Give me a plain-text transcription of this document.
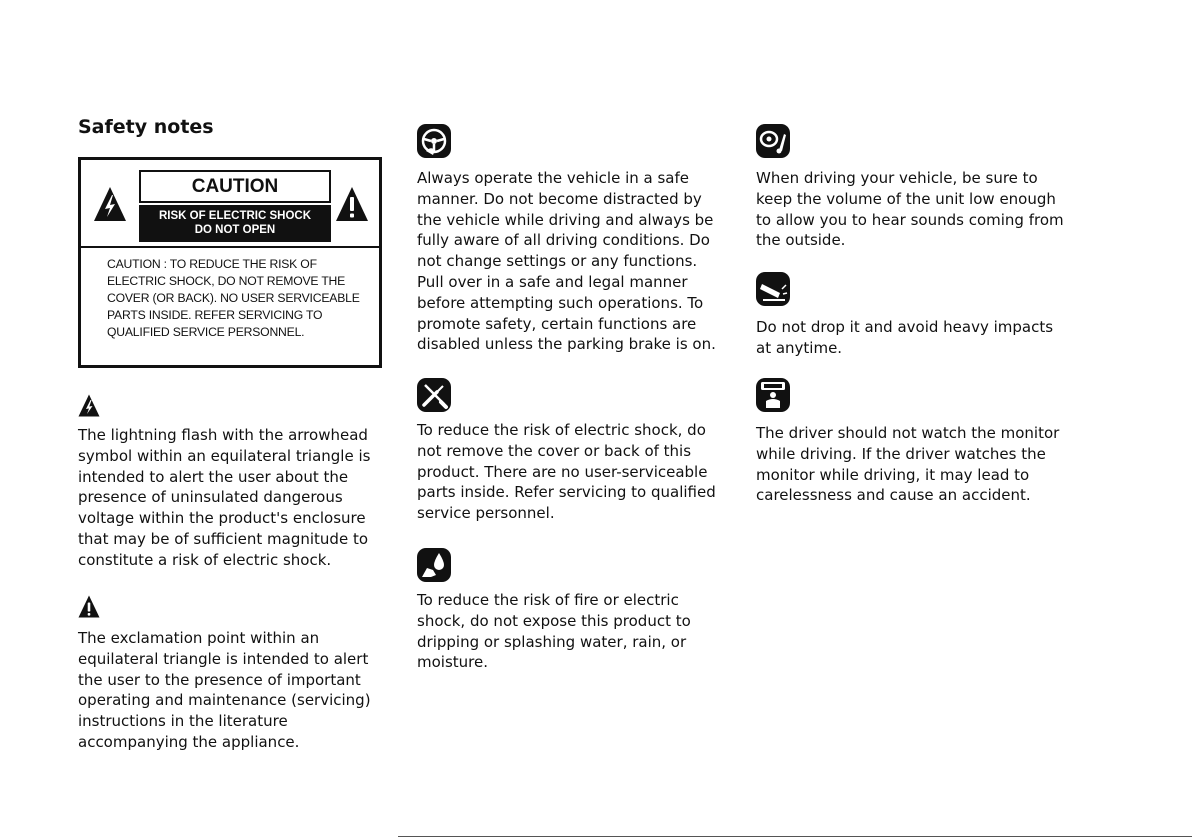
Safety notes
CAUTION
RISK OF ELECTRIC SHOCK
DO NOT OPEN

CAUTION : TO REDUCE THE RISK OF ELECTRIC SHOCK, DO NOT REMOVE THE COVER (OR BACK). NO USER SERVICEABLE PARTS INSIDE. REFER SERVICING TO QUALIFIED SERVICE PERSONNEL.

The lightning flash with the arrowhead symbol within an equilateral triangle is intended to alert the user about the presence of uninsulated dangerous voltage within the product's enclosure that may be of sufficient magnitude to constitute a risk of electric shock.

The exclamation point within an equilateral triangle is intended to alert the user to the presence of important operating and maintenance (servicing) instructions in the literature accompanying the appliance.

Always operate the vehicle in a safe manner. Do not become distracted by the vehicle while driving and always be fully aware of all driving conditions. Do not change settings or any functions. Pull over in a safe and legal manner before attempting such operations. To promote safety, certain functions are disabled unless the parking brake is on.

To reduce the risk of electric shock, do not remove the cover or back of this product. There are no user-serviceable parts inside. Refer servicing to qualified service personnel.

To reduce the risk of fire or electric shock, do not expose this product to dripping or splashing water, rain, or moisture.

When driving your vehicle, be sure to keep the volume of the unit low enough to allow you to hear sounds coming from the outside.

Do not drop it and avoid heavy impacts at anytime.

The driver should not watch the monitor while driving. If the driver watches the monitor while driving, it may lead to carelessness and cause an accident.
